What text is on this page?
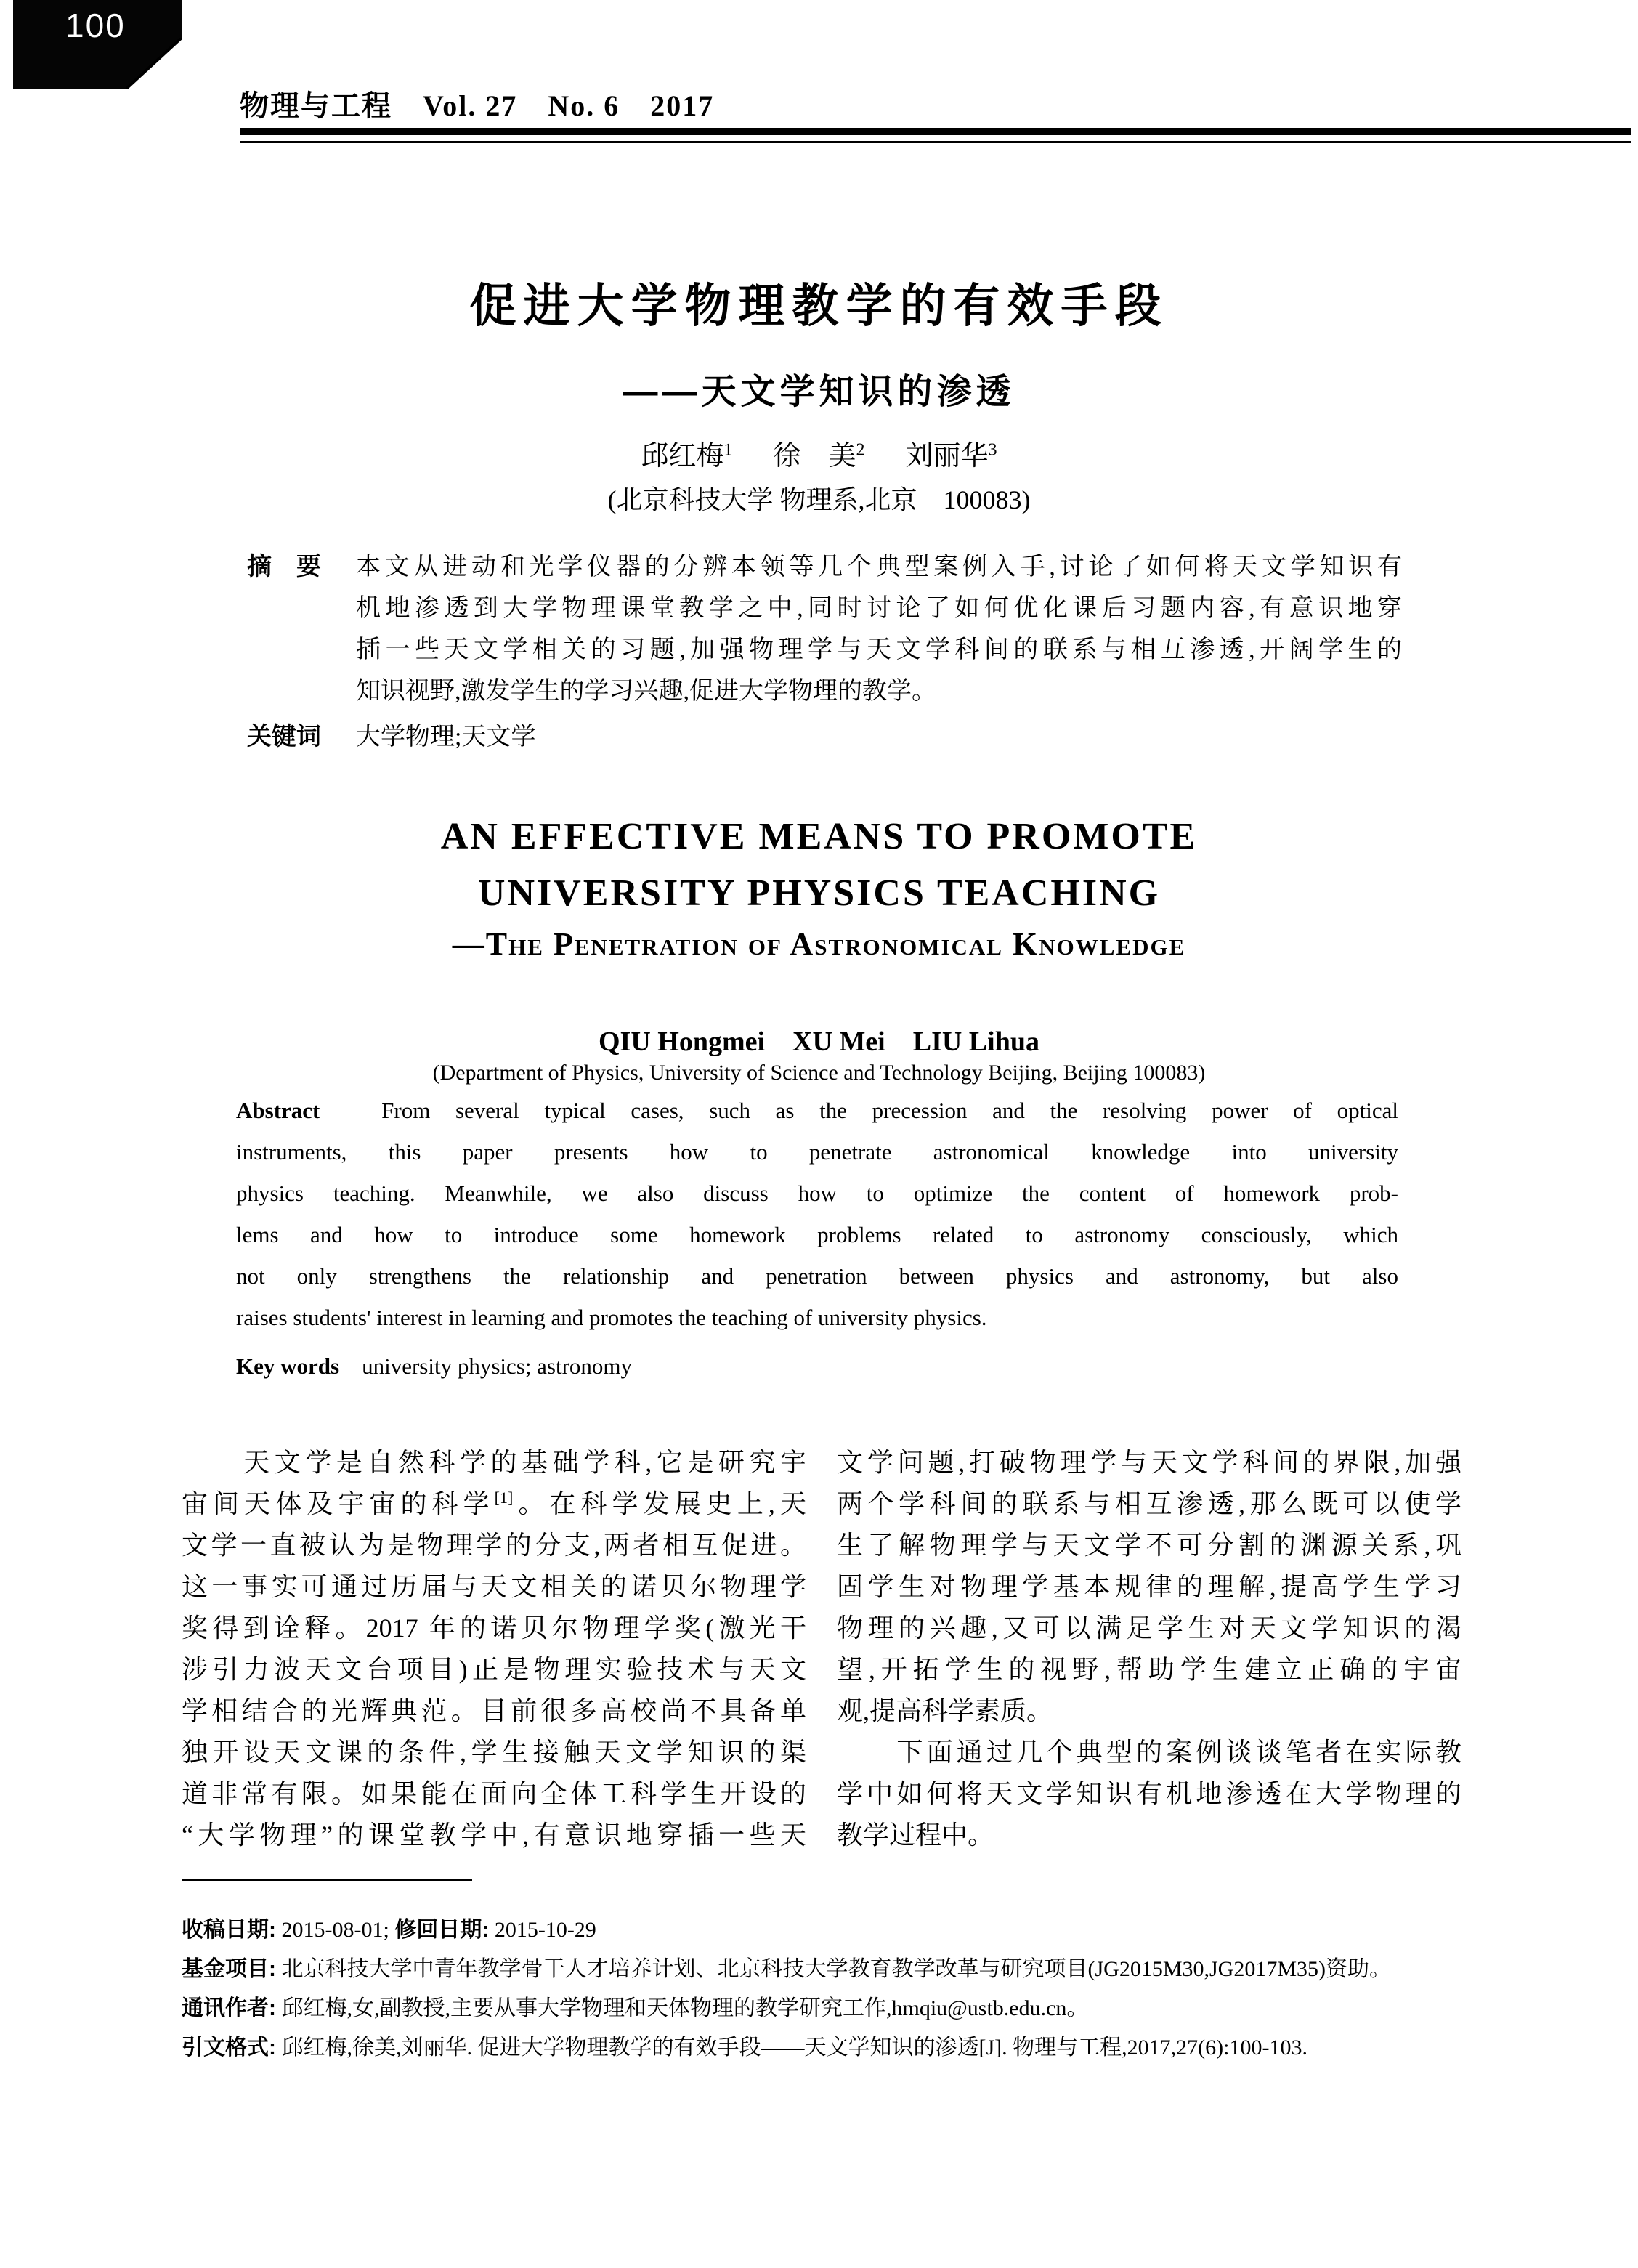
100
物理与工程　Vol. 27　No. 6　2017
促进大学物理教学的有效手段
——天文学知识的渗透
邱红梅$^1$ 徐　美$^2$ 刘丽华$^3$
(北京科技大学 物理系,北京　100083)
摘　要	本文从进动和光学仪器的分辨本领等几个典型案例入手,讨论了如何将天文学知识有
机地渗透到大学物理课堂教学之中,同时讨论了如何优化课后习题内容,有意识地穿
插一些天文学相关的习题,加强物理学与天文学科间的联系与相互渗透,开阔学生的
知识视野,激发学生的学习兴趣,促进大学物理的教学。
关键词	大学物理;天文学
AN EFFECTIVE MEANS TO PROMOTE
UNIVERSITY PHYSICS TEACHING
—The Penetration of Astronomical Knowledge
QIU Hongmei　XU Mei　LIU Lihua
(Department of Physics, University of Science and Technology Beijing, Beijing 100083)
Abstract　	From several typical cases, such as the precession and the resolving power of optical
instruments, this paper presents how to penetrate astronomical knowledge into university
physics teaching. Meanwhile, we also discuss how to optimize the content of homework prob-
lems and how to introduce some homework problems related to astronomy consciously, which
not only strengthens the relationship and penetration between physics and astronomy, but also
raises students' interest in learning and promotes the teaching of university physics.
Key words　 university physics; astronomy
　　天文学是自然科学的基础学科,它是研究宇
宙间天体及宇宙的科学[1]。在科学发展史上,天
文学一直被认为是物理学的分支,两者相互促进。
这一事实可通过历届与天文相关的诺贝尔物理学
奖得到诠释。2017 年的诺贝尔物理学奖(激光干
涉引力波天文台项目)正是物理实验技术与天文
学相结合的光辉典范。目前很多高校尚不具备单
独开设天文课的条件,学生接触天文学知识的渠
道非常有限。如果能在面向全体工科学生开设的
“大学物理”的课堂教学中,有意识地穿插一些天
文学问题,打破物理学与天文学科间的界限,加强
两个学科间的联系与相互渗透,那么既可以使学
生了解物理学与天文学不可分割的渊源关系,巩
固学生对物理学基本规律的理解,提高学生学习
物理的兴趣,又可以满足学生对天文学知识的渴
望,开拓学生的视野,帮助学生建立正确的宇宙
观,提高科学素质。
　　下面通过几个典型的案例谈谈笔者在实际教
学中如何将天文学知识有机地渗透在大学物理的
教学过程中。
收稿日期: 2015-08-01; 修回日期: 2015-10-29
基金项目: 北京科技大学中青年教学骨干人才培养计划、北京科技大学教育教学改革与研究项目(JG2015M30,JG2017M35)资助。
通讯作者: 邱红梅,女,副教授,主要从事大学物理和天体物理的教学研究工作,hmqiu@ustb.edu.cn。
引文格式: 邱红梅,徐美,刘丽华. 促进大学物理教学的有效手段——天文学知识的渗透[J]. 物理与工程,2017,27(6):100-103.
